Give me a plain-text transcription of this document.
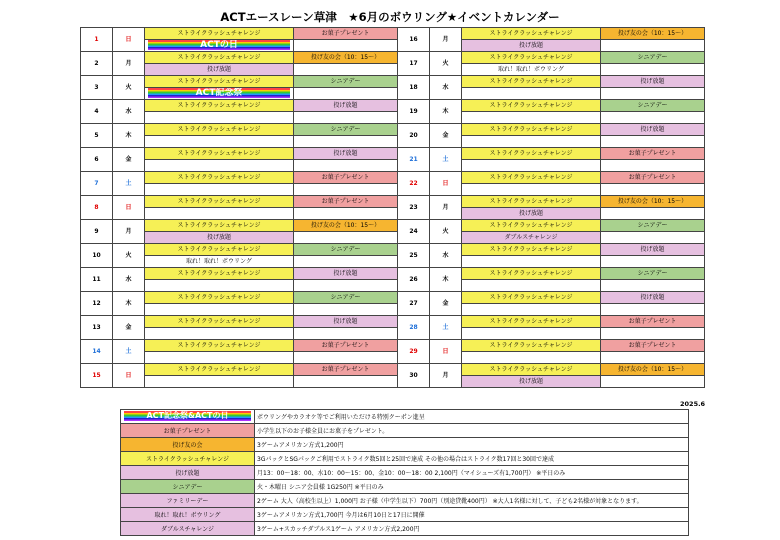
ACTエースレーン草津　★6月のボウリング★イベントカレンダー
1	日	ストライクラッシュチャレンジ	お菓子プレゼント	16	月	ストライクラッシュチャレンジ	投げ友の会（10：15～）

		ACTの日				投げ放題	
2	月	ストライクラッシュチャレンジ	投げ友の会（10：15～）	17	火	ストライクラッシュチャレンジ	シニアデー
		投げ放題				取れ！取れ！ボウリング	
3	火	ストライクラッシュチャレンジ	シニアデー	18	水	ストライクラッシュチャレンジ	投げ放題

		ACT記念祭					

4	水	ストライクラッシュチャレンジ	投げ放題	19	木	ストライクラッシュチャレンジ	シニアデー

5	木	ストライクラッシュチャレンジ	シニアデー	20	金	ストライクラッシュチャレンジ	投げ放題

6	金	ストライクラッシュチャレンジ	投げ放題	21	土	ストライクラッシュチャレンジ	お菓子プレゼント

7	土	ストライクラッシュチャレンジ	お菓子プレゼント	22	日	ストライクラッシュチャレンジ	お菓子プレゼント

8	日	ストライクラッシュチャレンジ	お菓子プレゼント	23	月	ストライクラッシュチャレンジ	投げ友の会（10：15～）
						投げ放題	
9	月	ストライクラッシュチャレンジ	投げ友の会（10：15～）	24	火	ストライクラッシュチャレンジ	シニアデー
		投げ放題				ダブルスチャレンジ	
10	火	ストライクラッシュチャレンジ	シニアデー	25	水	ストライクラッシュチャレンジ	投げ放題
		取れ！取れ！ボウリング					
11	水	ストライクラッシュチャレンジ	投げ放題	26	木	ストライクラッシュチャレンジ	シニアデー

12	木	ストライクラッシュチャレンジ	シニアデー	27	金	ストライクラッシュチャレンジ	投げ放題

13	金	ストライクラッシュチャレンジ	投げ放題	28	土	ストライクラッシュチャレンジ	お菓子プレゼント

14	土	ストライクラッシュチャレンジ	お菓子プレゼント	29	日	ストライクラッシュチャレンジ	お菓子プレゼント

15	日	ストライクラッシュチャレンジ	お菓子プレゼント	30	月	ストライクラッシュチャレンジ	投げ友の会（10：15～）
						投げ放題	
2025.6
ACT記念祭&ACTの日	ボウリングやカラオケ等でご利用いただける特別クーポン進呈
お菓子プレゼント	小学生以下のお子様全員にお菓子をプレゼント。
投げ友の会	3ゲームアメリカン方式1,200円
ストライクラッシュチャレンジ	3GパックとSGパックご利用でストライク数5回と25回で達成 その他の場合はストライク数17回と30回で達成
投げ放題	月13：00～18：00、水10：00～15：00、金10：00～18：00 2,100円（マイシューズ有1,700円） ※平日のみ
シニアデー	火・木曜日 シニア会員様 1G250円 ※平日のみ
ファミリーデー	2ゲーム 大人（高校生以上）1,000円 お子様（中学生以下）700円（別途貸靴400円） ※大人1名様に対して、子ども2名様が対象となります。
取れ！取れ！ボウリング	3ゲームアメリカン方式1,700円 今月は6月10日と17日に開催
ダブルスチャレンジ	3ゲーム+スカッチダブルス1ゲーム アメリカン方式2,200円
